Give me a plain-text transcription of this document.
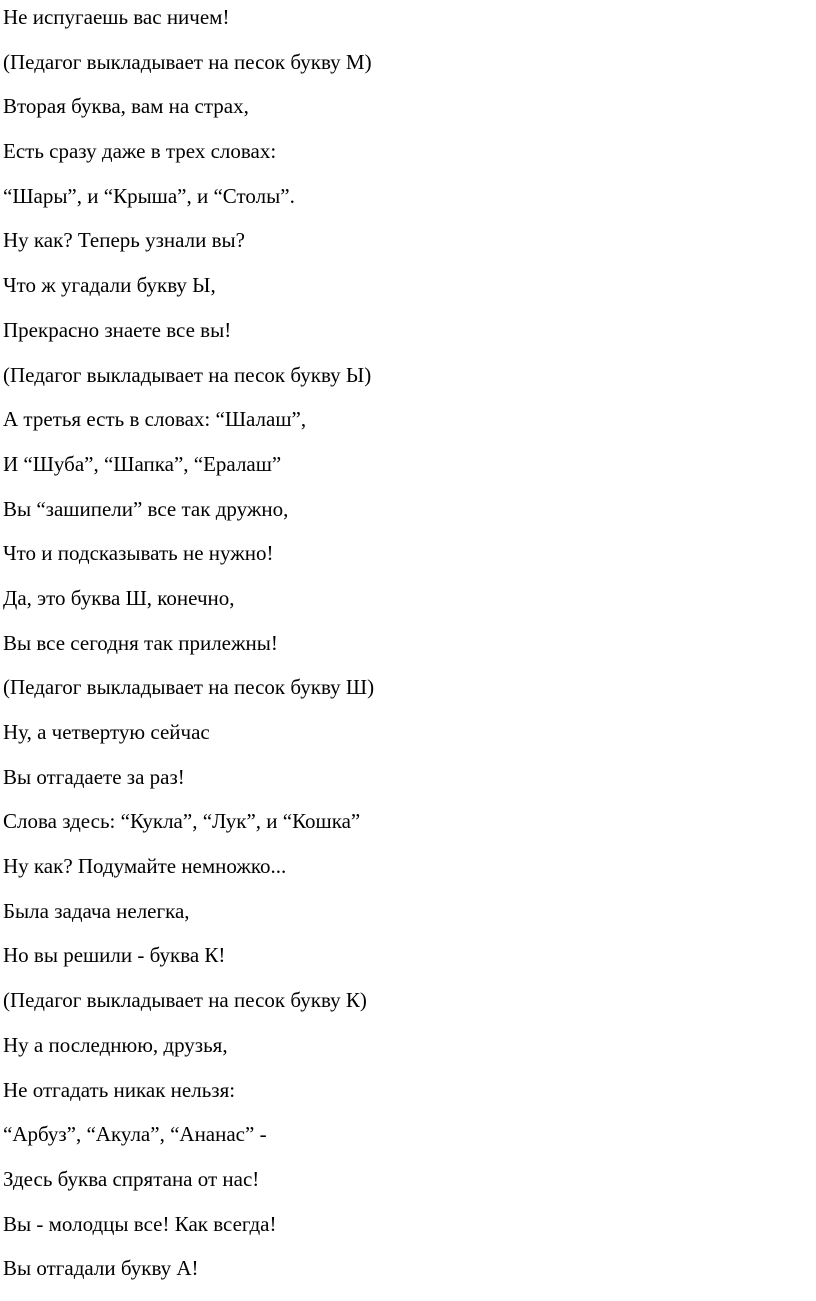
Не испугаешь вас ничем!
(Педагог выкладывает на песок букву М)
Вторая буква, вам на страх,
Есть сразу даже в трех словах:
“Шары”, и “Крыша”, и “Столы”.
Ну как? Теперь узнали вы?
Что ж угадали букву Ы,
Прекрасно знаете все вы!
(Педагог выкладывает на песок букву Ы)
А третья есть в словах: “Шалаш”,
И “Шуба”, “Шапка”, “Ералаш”
Вы “зашипели” все так дружно,
Что и подсказывать не нужно!
Да, это буква Ш, конечно,
Вы все сегодня так прилежны!
(Педагог выкладывает на песок букву Ш)
Ну, а четвертую сейчас
Вы отгадаете за раз!
Слова здесь: “Кукла”, “Лук”, и “Кошка”
Ну как? Подумайте немножко...
Была задача нелегка,
Но вы решили - буква К!
(Педагог выкладывает на песок букву К)
Ну а последнюю, друзья,
Не отгадать никак нельзя:
“Арбуз”, “Акула”, “Ананас” -
Здесь буква спрятана от нас!
Вы - молодцы все! Как всегда!
Вы отгадали букву А!
